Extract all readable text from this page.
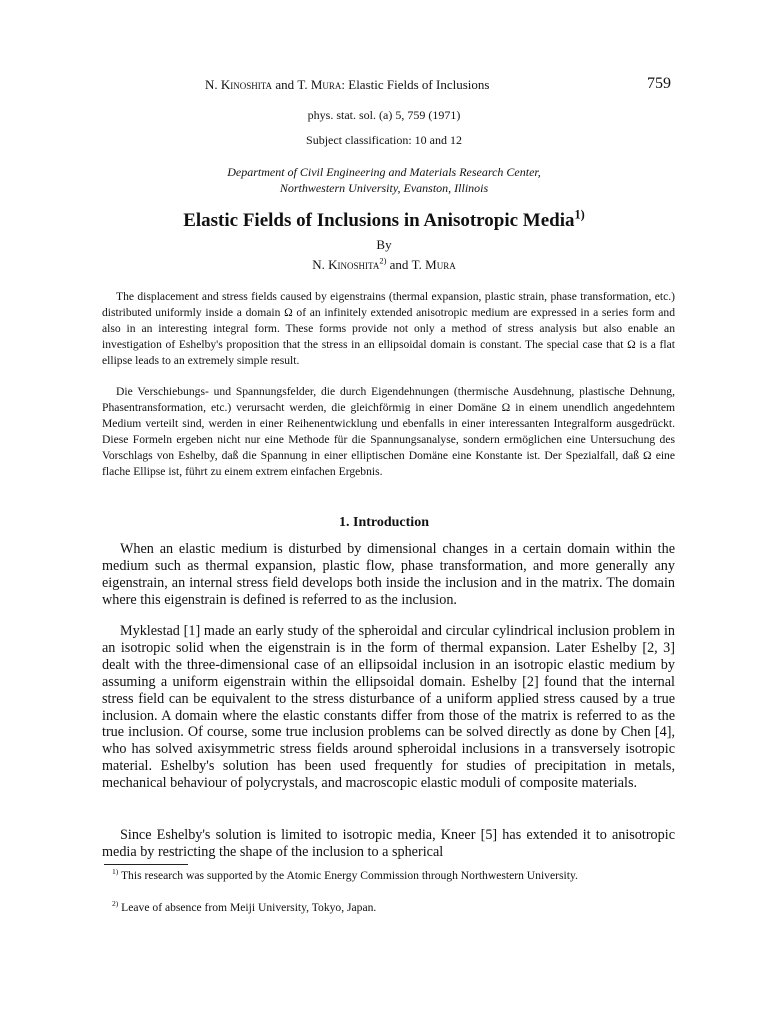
N. Kinoshita and T. Mura: Elastic Fields of Inclusions	759
phys. stat. sol. (a) 5, 759 (1971)
Subject classification: 10 and 12
Department of Civil Engineering and Materials Research Center,
Northwestern University, Evanston, Illinois
Elastic Fields of Inclusions in Anisotropic Media$^{1)}$
By
N. Kinoshita$^{2)}$ and T. Mura

The displacement and stress fields caused by eigenstrains (thermal expansion, plastic strain, phase transformation, etc.) distributed uniformly inside a domain Ω of an infinitely extended anisotropic medium are expressed in a series form and also in an interesting integral form. These forms provide not only a method of stress analysis but also enable an investigation of Eshelby's proposition that the stress in an ellipsoidal domain is constant. The special case that Ω is a flat ellipse leads to an extremely simple result.

Die Verschiebungs- und Spannungsfelder, die durch Eigendehnungen (thermische Ausdehnung, plastische Dehnung, Phasentransformation, etc.) verursacht werden, die gleichförmig in einer Domäne Ω in einem unendlich angedehntem Medium verteilt sind, werden in einer Reihenentwicklung und ebenfalls in einer interessanten Integralform ausgedrückt. Diese Formeln ergeben nicht nur eine Methode für die Spannungsanalyse, sondern ermöglichen eine Untersuchung des Vorschlags von Eshelby, daß die Spannung in einer elliptischen Domäne eine Konstante ist. Der Spezialfall, daß Ω eine flache Ellipse ist, führt zu einem extrem einfachen Ergebnis.

1. Introduction

When an elastic medium is disturbed by dimensional changes in a certain domain within the medium such as thermal expansion, plastic flow, phase transformation, and more generally any eigenstrain, an internal stress field develops both inside the inclusion and in the matrix. The domain where this eigenstrain is defined is referred to as the inclusion.

Myklestad [1] made an early study of the spheroidal and circular cylindrical inclusion problem in an isotropic solid when the eigenstrain is in the form of thermal expansion. Later Eshelby [2, 3] dealt with the three-dimensional case of an ellipsoidal inclusion in an isotropic elastic medium by assuming a uniform eigenstrain within the ellipsoidal domain. Eshelby [2] found that the internal stress field can be equivalent to the stress disturbance of a uniform applied stress caused by a true inclusion. A domain where the elastic constants differ from those of the matrix is referred to as the true inclusion. Of course, some true inclusion problems can be solved directly as done by Chen [4], who has solved axisymmetric stress fields around spheroidal inclusions in a transversely isotropic material. Eshelby's solution has been used frequently for studies of precipitation in metals, mechanical behaviour of polycrystals, and macroscopic elastic moduli of composite materials.

Since Eshelby's solution is limited to isotropic media, Kneer [5] has extended it to anisotropic media by restricting the shape of the inclusion to a spherical

$^{1)}$ This research was supported by the Atomic Energy Commission through Northwestern University.

$^{2)}$ Leave of absence from Meiji University, Tokyo, Japan.
